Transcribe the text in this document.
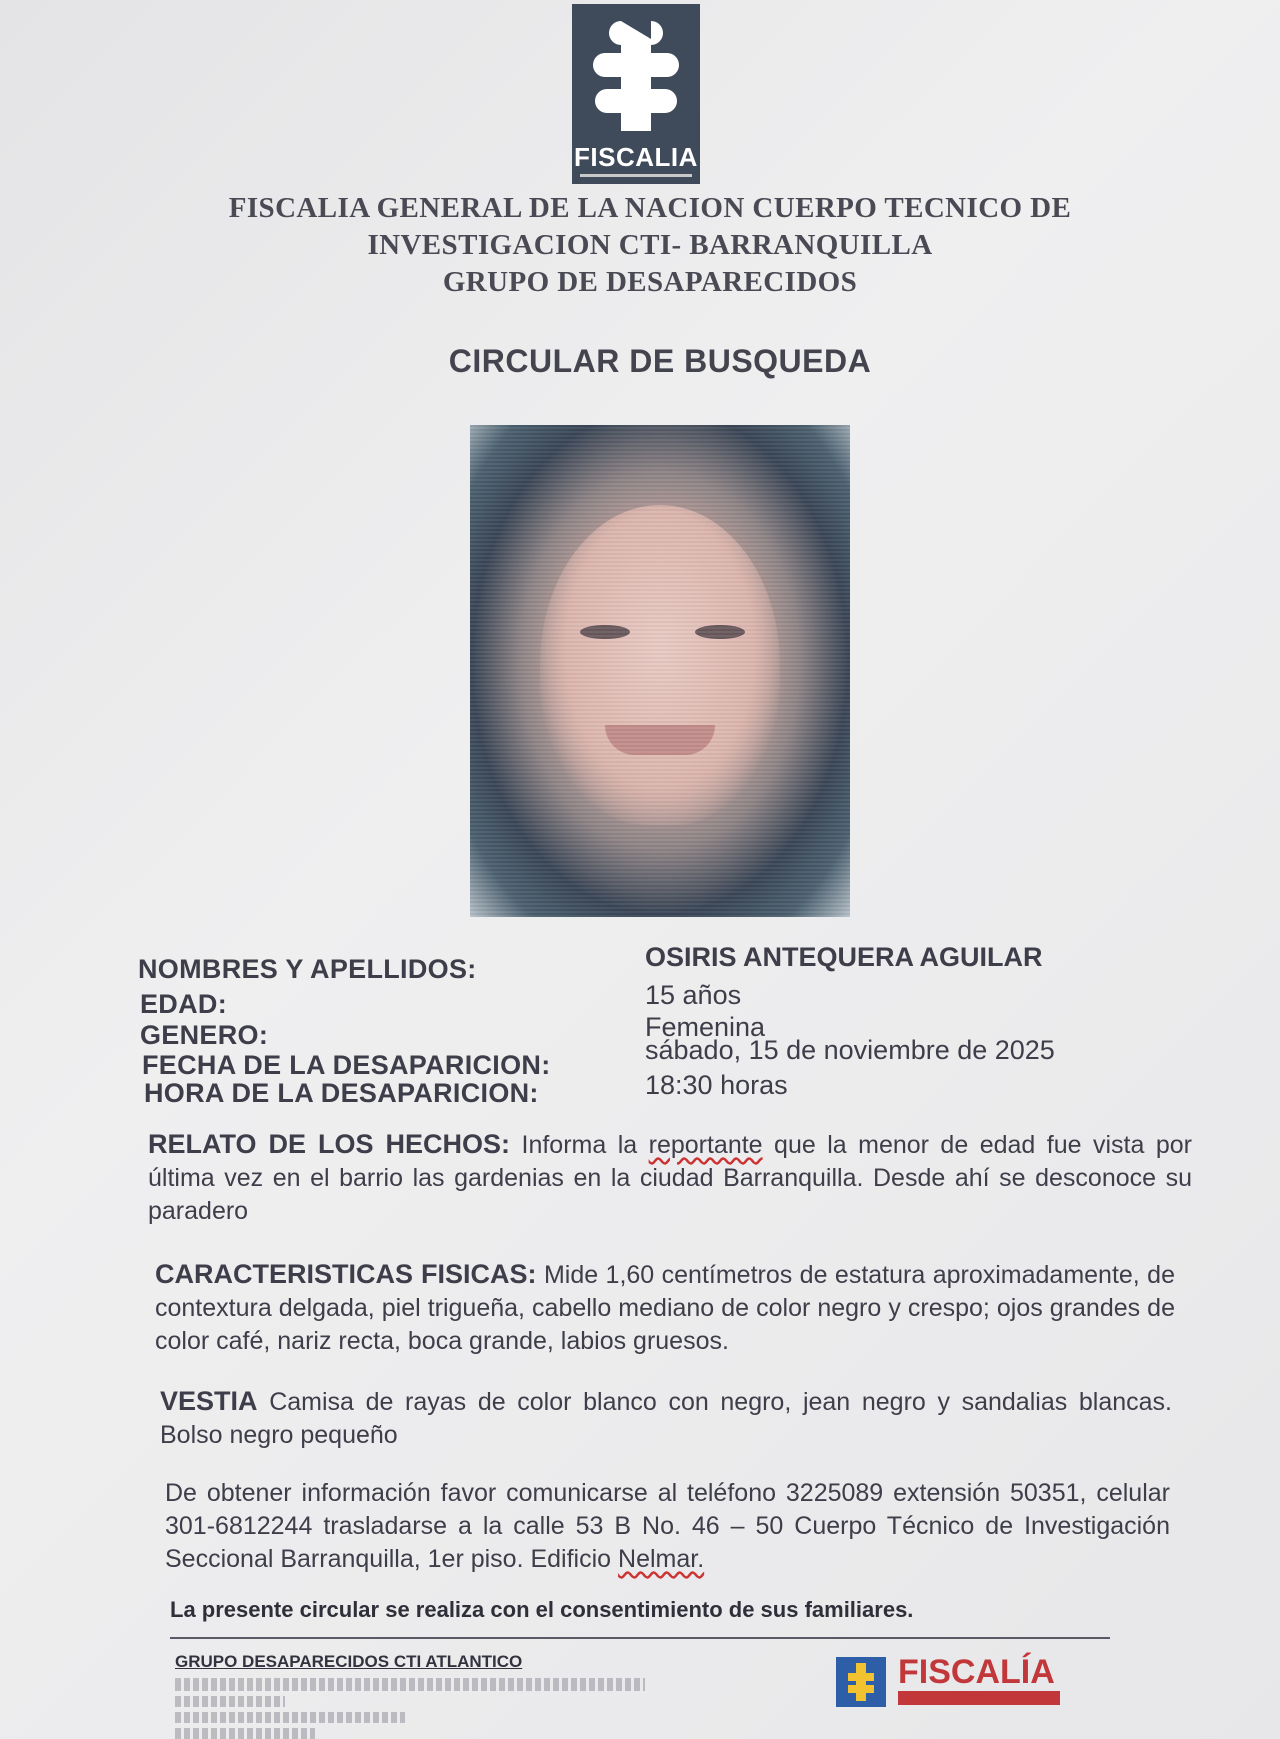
FISCALIA
FISCALIA GENERAL DE LA NACION CUERPO TECNICO DE
INVESTIGACION CTI- BARRANQUILLA
GRUPO DE DESAPARECIDOS
CIRCULAR DE BUSQUEDA
NOMBRES Y APELLIDOS:	OSIRIS ANTEQUERA AGUILAR
EDAD:	15 años
GENERO:	Femenina
FECHA DE LA DESAPARICION:	sábado, 15 de noviembre de 2025
HORA DE LA DESAPARICION:	18:30 horas
RELATO DE LOS HECHOS: Informa la reportante que la menor de edad fue vista por última vez en el barrio las gardenias en la ciudad Barranquilla. Desde ahí se desconoce su paradero
CARACTERISTICAS FISICAS: Mide 1,60 centímetros de estatura aproximadamente, de contextura delgada, piel trigueña, cabello mediano de color negro y crespo; ojos grandes de color café, nariz recta, boca grande, labios gruesos.
VESTIA Camisa de rayas de color blanco con negro, jean negro y sandalias blancas. Bolso negro pequeño
De obtener información favor comunicarse al teléfono 3225089 extensión 50351, celular 301-6812244 trasladarse a la calle 53 B No. 46 – 50 Cuerpo Técnico de Investigación Seccional Barranquilla, 1er piso. Edificio Nelmar.
La presente circular se realiza con el consentimiento de sus familiares.
GRUPO DESAPARECIDOS CTI ATLANTICO	FISCALÍA
